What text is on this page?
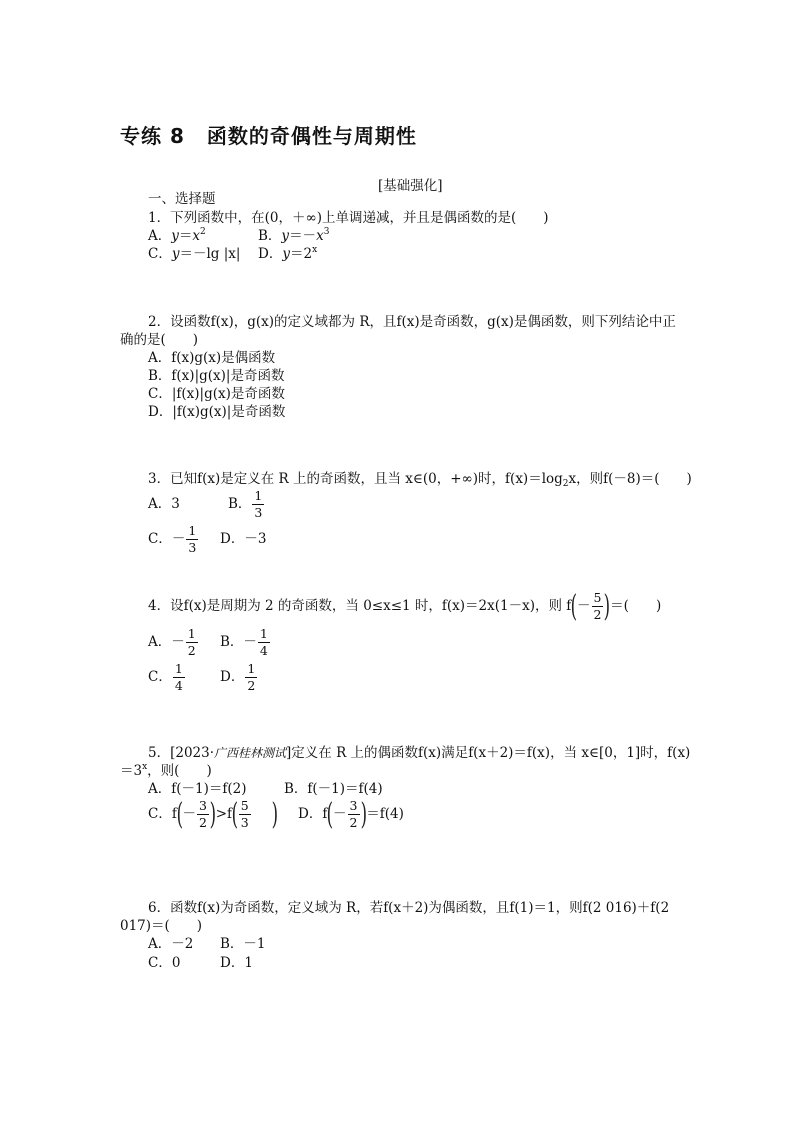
专练 8 函数的奇偶性与周期性
[基础强化]
一、选择题
1．下列函数中，在(0，＋∞)上单调递减，并且是偶函数的是(　　)
A．$y=x^2$	B．$y=-x^3$
C．y＝－lg |x| D．$y=2^x$
2．设函数f(x)，g(x)的定义域都为 R，且f(x)是奇函数，g(x)是偶函数，则下列结论中正
确的是(　　)
A．f(x)g(x)是偶函数
B．f(x)|g(x)|是奇函数
C．|f(x)|g(x)是奇函数
D．|f(x)g(x)|是奇函数
3．已知f(x)是定义在 R 上的奇函数，且当 x∈(0，+∞)时，$f(x)=\log_2x$，则f(－8)＝(　　)
A．3	B． $\frac{1}{3}$
C．－ $\frac{1}{3}$ D．－3
4．设f(x)是周期为 2 的奇函数，当 0≤x≤1 时，f(x)＝2x(1－x)，则 $f(- \frac{5}{2}$ )＝(　　)
A．－ $\frac{1}{2}$ B．－ $\frac{1}{4}$
C． $\frac{1}{4}$	D． $\frac{1}{2}$
5．[2023·广西桂林测试]定义在 R 上的偶函数f(x)满足f(x＋2)＝f(x)，当 x∈[0，1]时，f(x)
$=3^x$，则(　　)
A．f(－1)＝f(2)	B．f(－1)＝f(4)
C．$f(- \frac{3}{2} )>f( \frac{5}{3}$ ) D．$f(- \frac{3}{2} )=f(4)$
6．函数f(x)为奇函数，定义域为 R，若f(x＋2)为偶函数，且f(1)＝1，则f(2 016)＋f(2
017)＝(　　)
A．－2 B．－1
C．0	D．1
